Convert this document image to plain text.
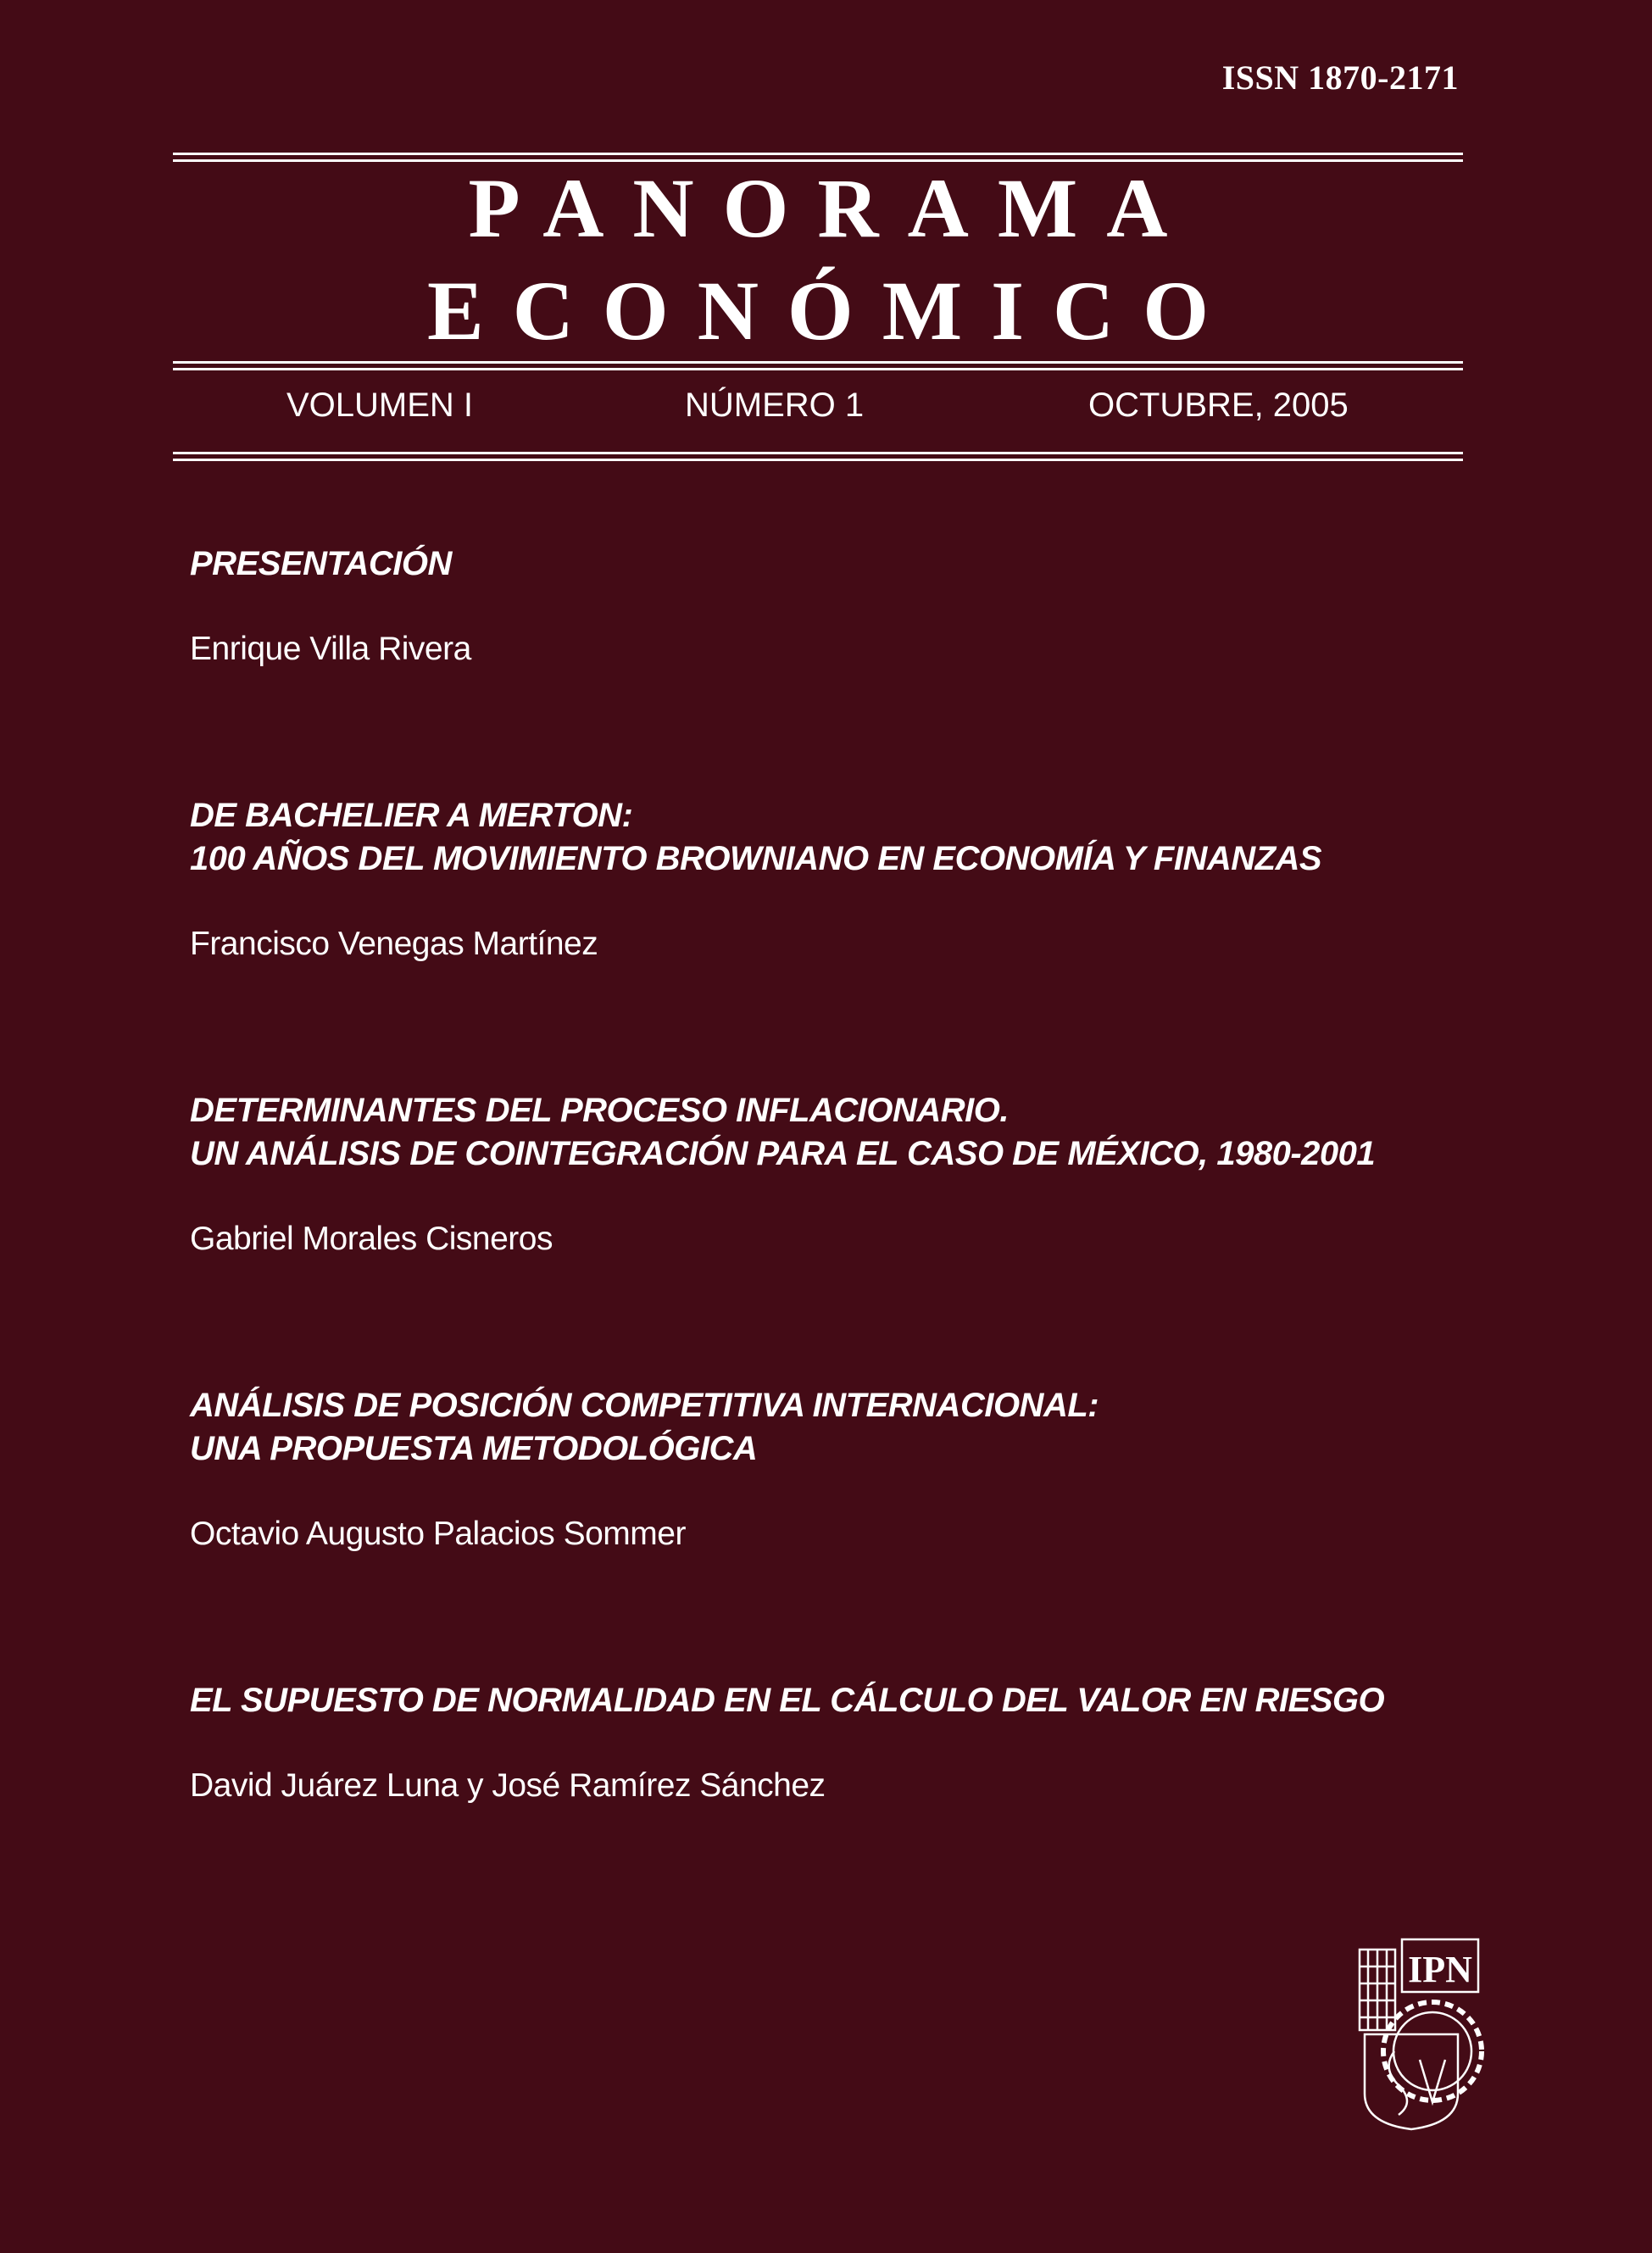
ISSN 1870-2171
PANORAMA
ECONÓMICO
VOLUMEN I	NÚMERO 1	OCTUBRE, 2005
PRESENTACIÓN
Enrique Villa Rivera
DE BACHELIER A MERTON:
100 AÑOS DEL MOVIMIENTO BROWNIANO EN ECONOMÍA Y FINANZAS
Francisco Venegas Martínez
DETERMINANTES DEL PROCESO INFLACIONARIO.
UN ANÁLISIS DE COINTEGRACIÓN PARA EL CASO DE MÉXICO, 1980-2001
Gabriel Morales Cisneros
ANÁLISIS DE POSICIÓN COMPETITIVA INTERNACIONAL:
UNA PROPUESTA METODOLÓGICA
Octavio Augusto Palacios Sommer
EL SUPUESTO DE NORMALIDAD EN EL CÁLCULO DEL VALOR EN RIESGO
David Juárez Luna y José Ramírez Sánchez
IPN
